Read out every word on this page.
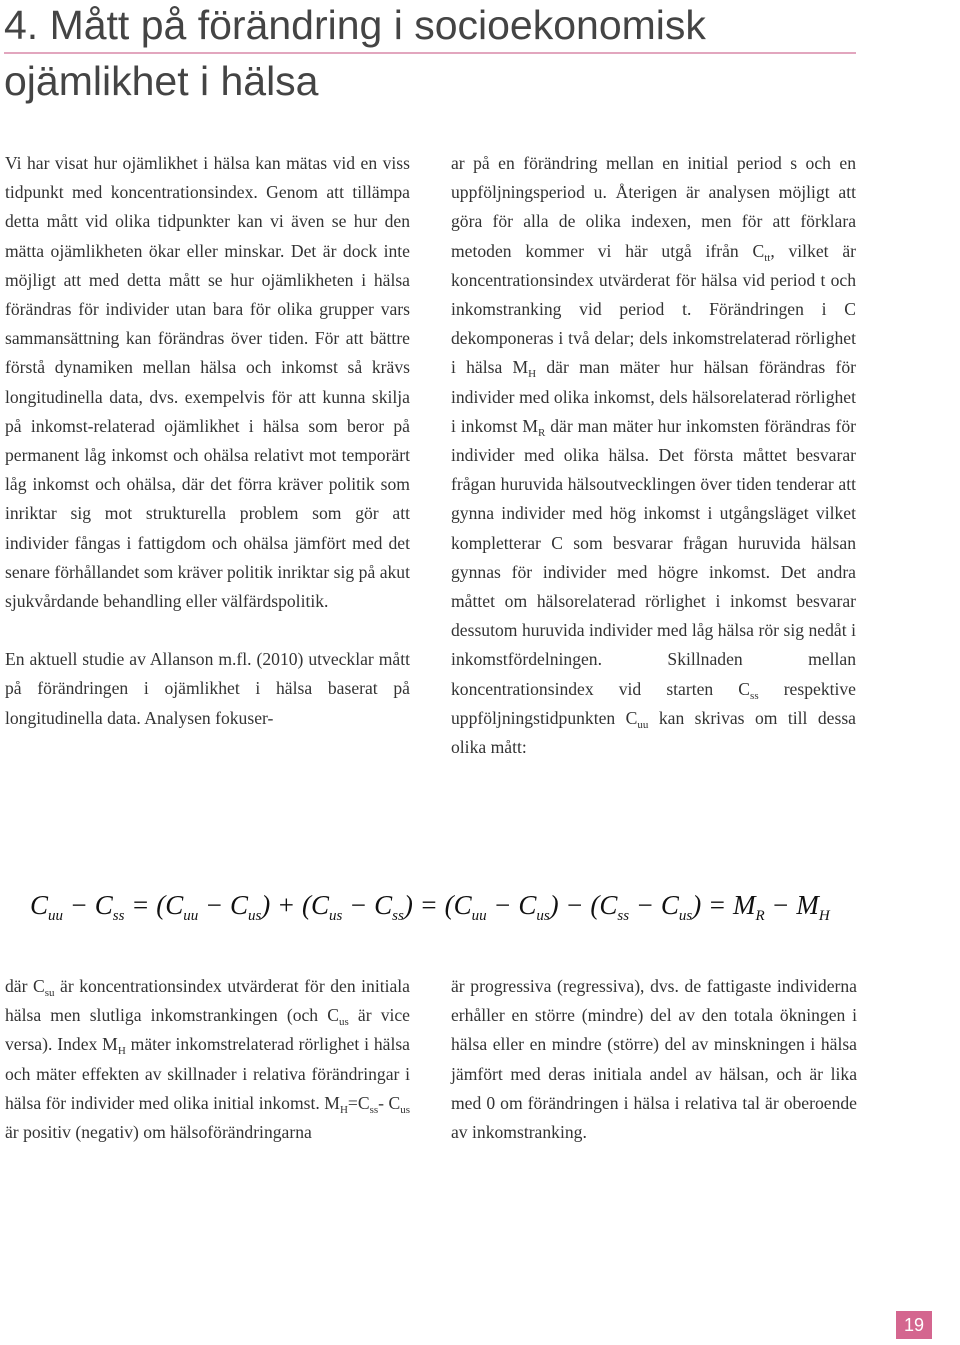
4. Mått på förändring i socioekonomisk
ojämlikhet i hälsa

Vi har visat hur ojämlikhet i hälsa kan mätas vid en viss tidpunkt med koncentrationsindex. Genom att tillämpa detta mått vid olika tidpunkter kan vi även se hur den mätta ojämlikheten ökar eller minskar. Det är dock inte möjligt att med detta mått se hur ojämlikheten i hälsa förändras för individer utan bara för olika grupper vars sammansättning kan förändras över tiden. För att bättre förstå dynamiken mellan hälsa och inkomst så krävs longitudinella data, dvs. exempelvis för att kunna skilja på inkomst-relaterad ojämlikhet i hälsa som beror på permanent låg inkomst och ohälsa relativt mot temporärt låg inkomst och ohälsa, där det förra kräver politik som inriktar sig mot strukturella problem som gör att individer fångas i fattigdom och ohälsa jämfört med det senare förhållandet som kräver politik inriktar sig på akut sjukvårdande behandling eller välfärdspolitik.

En aktuell studie av Allanson m.fl. (2010) utvecklar mått på förändringen i ojämlikhet i hälsa baserat på longitudinella data. Analysen fokuser-

ar på en förändring mellan en initial period s och en uppföljningsperiod u. Återigen är analysen möjligt att göra för alla de olika indexen, men för att förklara metoden kommer vi här utgå ifrån $C_{tt}$, vilket är koncentrationsindex utvärderat för hälsa vid period t och inkomstranking vid period t. Förändringen i C dekomponeras i två delar; dels inkomstrelaterad rörlighet i hälsa $M_H$ där man mäter hur hälsan förändras för individer med olika inkomst, dels hälsorelaterad rörlighet i inkomst $M_R$ där man mäter hur inkomsten förändras för individer med olika hälsa. Det första måttet besvarar frågan huruvida hälsoutvecklingen över tiden tenderar att gynna individer med hög inkomst i utgångsläget vilket kompletterar C som besvarar frågan huruvida hälsan gynnas för individer med högre inkomst. Det andra måttet om hälsorelaterad rörlighet i inkomst besvarar dessutom huruvida individer med låg hälsa rör sig nedåt i inkomstfördelningen. Skillnaden mellan koncentrationsindex vid starten $C_{ss}$ respektive uppföljningstidpunkten $C_{uu}$ kan skrivas om till dessa olika mått:

$C_{uu} - C_{ss} = (C_{uu} - C_{us}) + (C_{us} - C_{ss}) = (C_{uu} - C_{us}) - (C_{ss} - C_{us}) = M_R - M_H$

där $C_{su}$ är koncentrationsindex utvärderat för den initiala hälsa men slutliga inkomstrankingen (och $C_{us}$ är vice versa). Index $M_H$ mäter inkomstrelaterad rörlighet i hälsa och mäter effekten av skillnader i relativa förändringar i hälsa för individer med olika initial inkomst. $M_H=C_{ss}-$ $C_{us}$ är positiv (negativ) om hälsoförändringarna

är progressiva (regressiva), dvs. de fattigaste individerna erhåller en större (mindre) del av den totala ökningen i hälsa eller en mindre (större) del av minskningen i hälsa jämfört med deras initiala andel av hälsan, och är lika med 0 om förändringen i hälsa i relativa tal är oberoende av inkomstranking.

19
